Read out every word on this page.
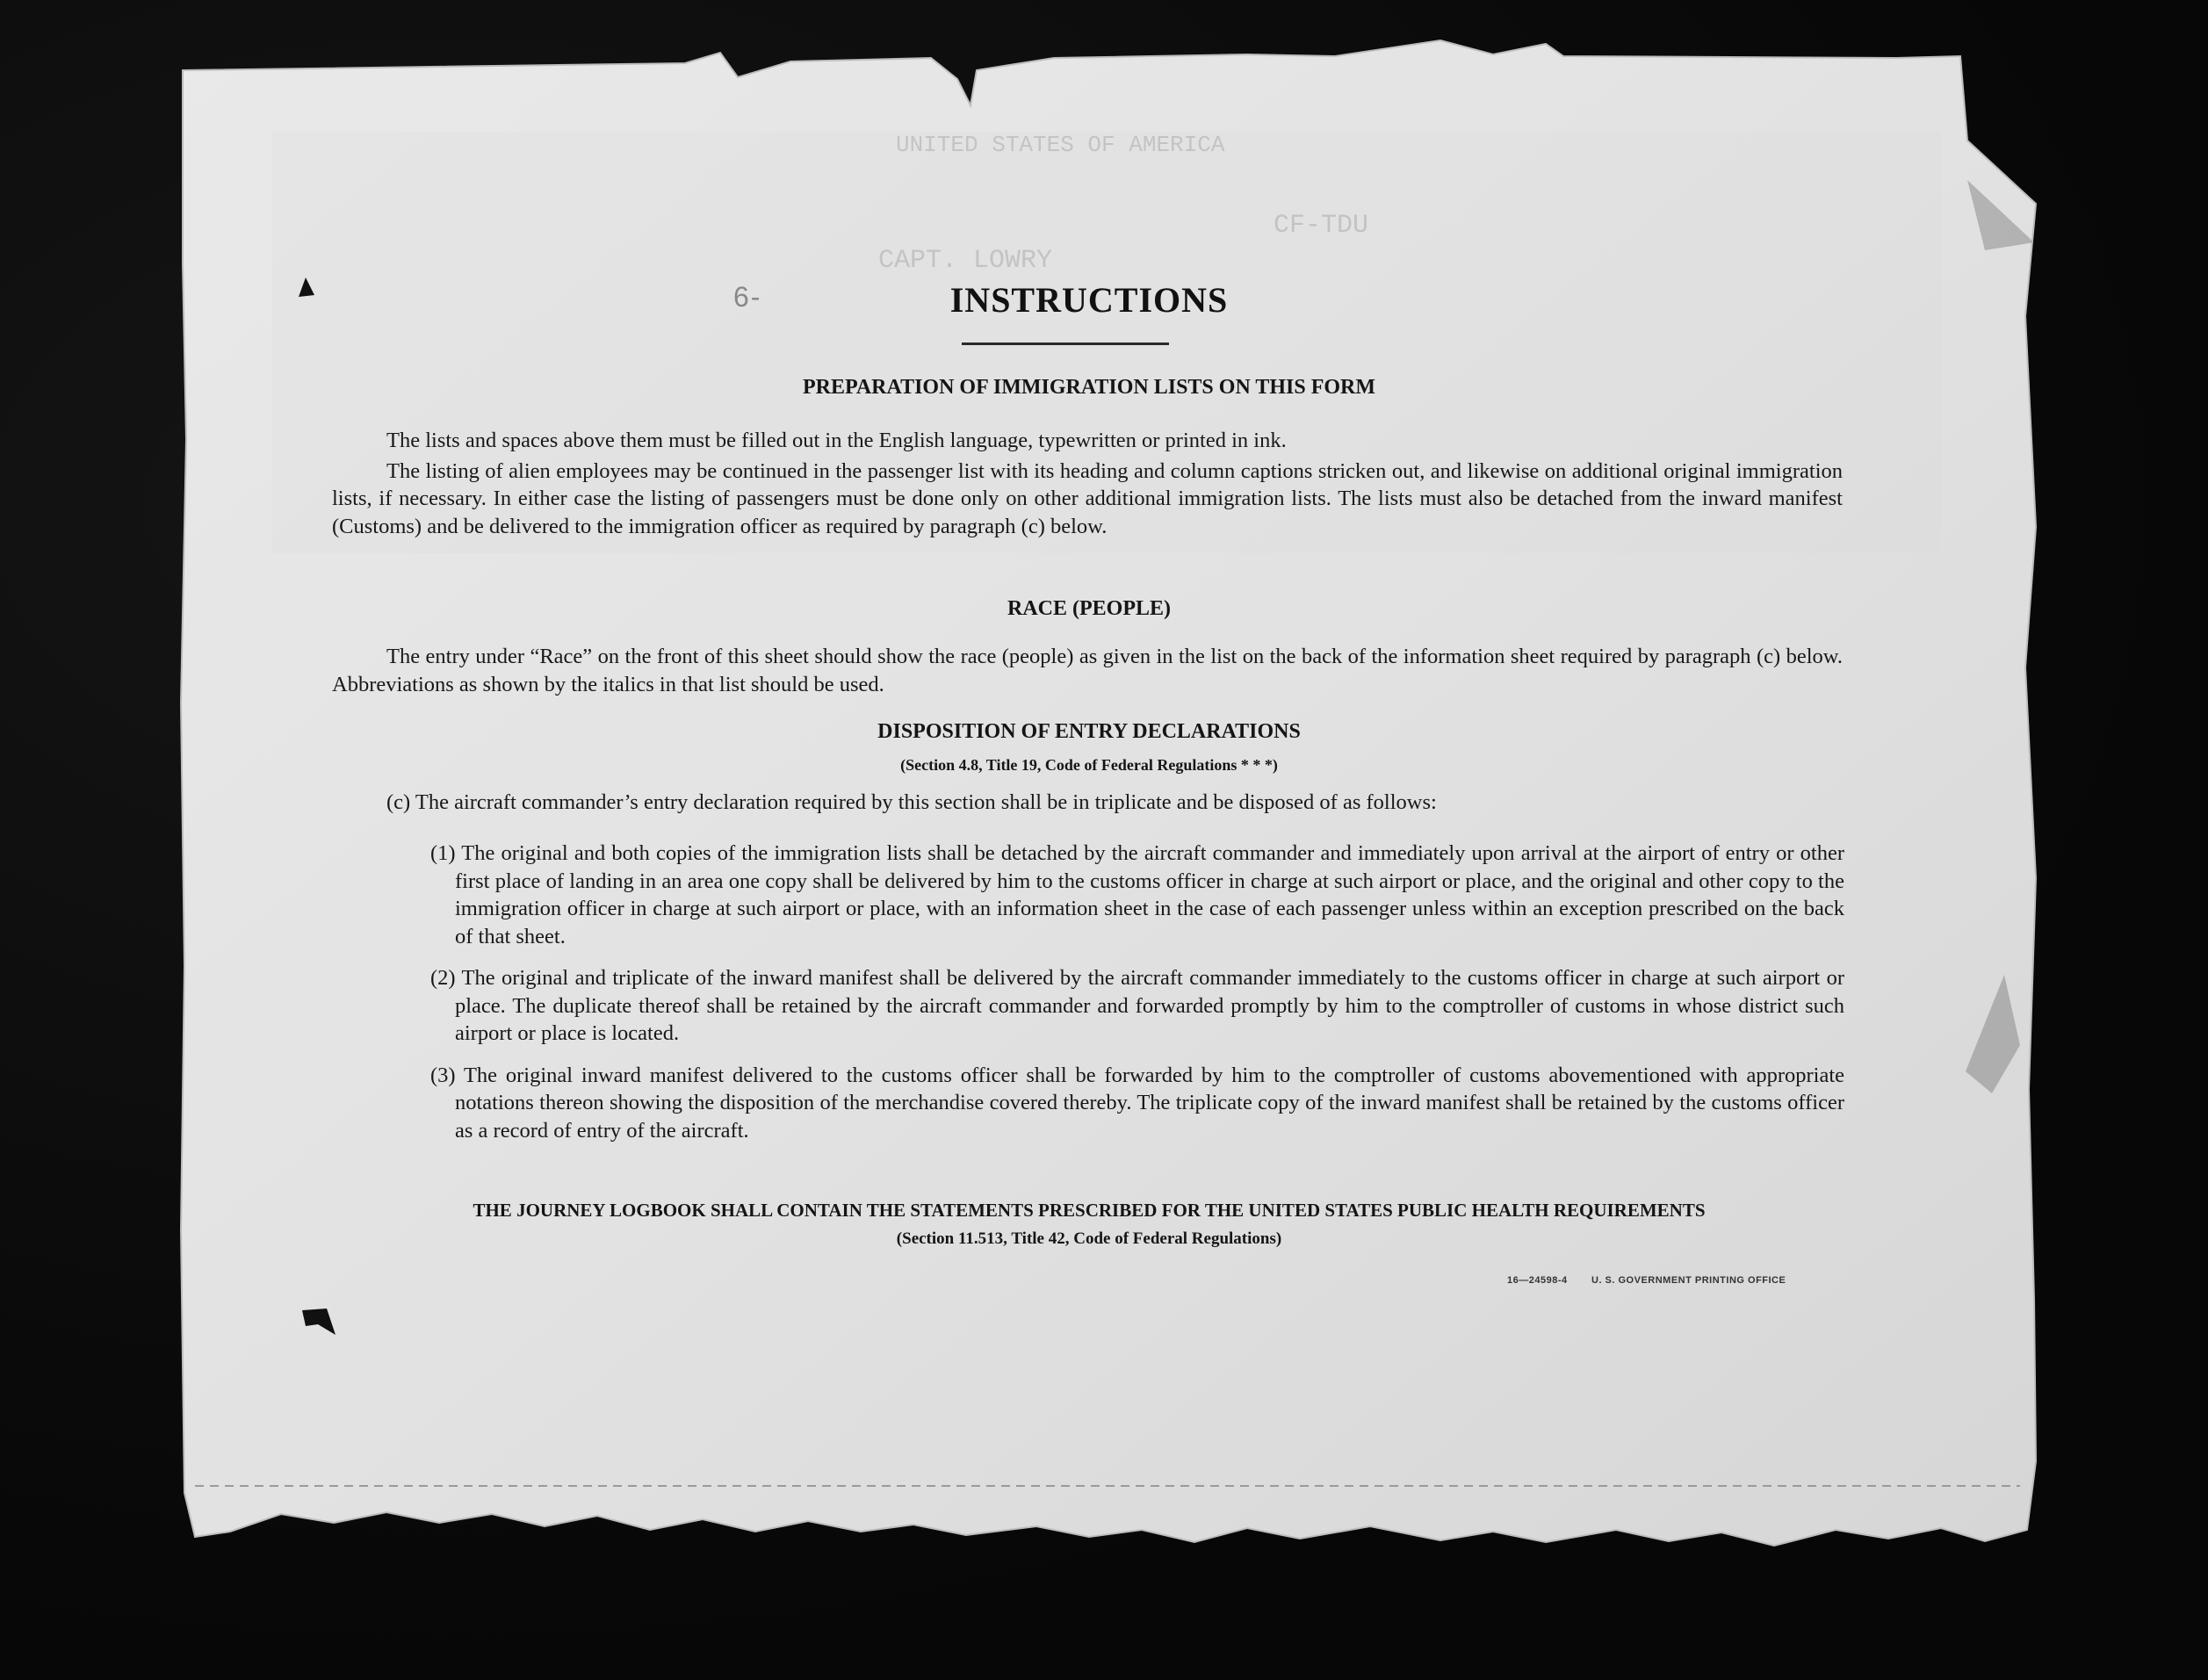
UNITED STATES OF AMERICA
CF-TDU
CAPT. LOWRY
6-	INSTRUCTIONS
PREPARATION OF IMMIGRATION LISTS ON THIS FORM

The lists and spaces above them must be filled out in the English language, typewritten or printed in ink.

The listing of alien employees may be continued in the passenger list with its heading and column captions stricken out, and likewise on additional original immigration lists, if necessary. In either case the listing of passengers must be done only on other additional immigration lists. The lists must also be detached from the inward manifest (Customs) and be delivered to the immigration officer as required by paragraph (c) below.

RACE (PEOPLE)

The entry under “Race” on the front of this sheet should show the race (people) as given in the list on the back of the information sheet required by paragraph (c) below. Abbreviations as shown by the italics in that list should be used.

DISPOSITION OF ENTRY DECLARATIONS
(Section 4.8, Title 19, Code of Federal Regulations * * *)

(c) The aircraft commander’s entry declaration required by this section shall be in triplicate and be disposed of as follows:

(1) The original and both copies of the immigration lists shall be detached by the aircraft commander and immediately upon arrival at the airport of entry or other first place of landing in an area one copy shall be delivered by him to the customs officer in charge at such airport or place, and the original and other copy to the immigration officer in charge at such airport or place, with an information sheet in the case of each passenger unless within an exception prescribed on the back of that sheet.

(2) The original and triplicate of the inward manifest shall be delivered by the aircraft commander immediately to the customs officer in charge at such airport or place. The duplicate thereof shall be retained by the aircraft commander and forwarded promptly by him to the comptroller of customs in whose district such airport or place is located.

(3) The original inward manifest delivered to the customs officer shall be forwarded by him to the comptroller of customs abovementioned with appropriate notations thereon showing the disposition of the merchandise covered thereby. The triplicate copy of the inward manifest shall be retained by the customs officer as a record of entry of the aircraft.

THE JOURNEY LOGBOOK SHALL CONTAIN THE STATEMENTS PRESCRIBED FOR THE UNITED STATES PUBLIC HEALTH REQUIREMENTS
(Section 11.513, Title 42, Code of Federal Regulations)
16—24598-4 U. S. GOVERNMENT PRINTING OFFICE
